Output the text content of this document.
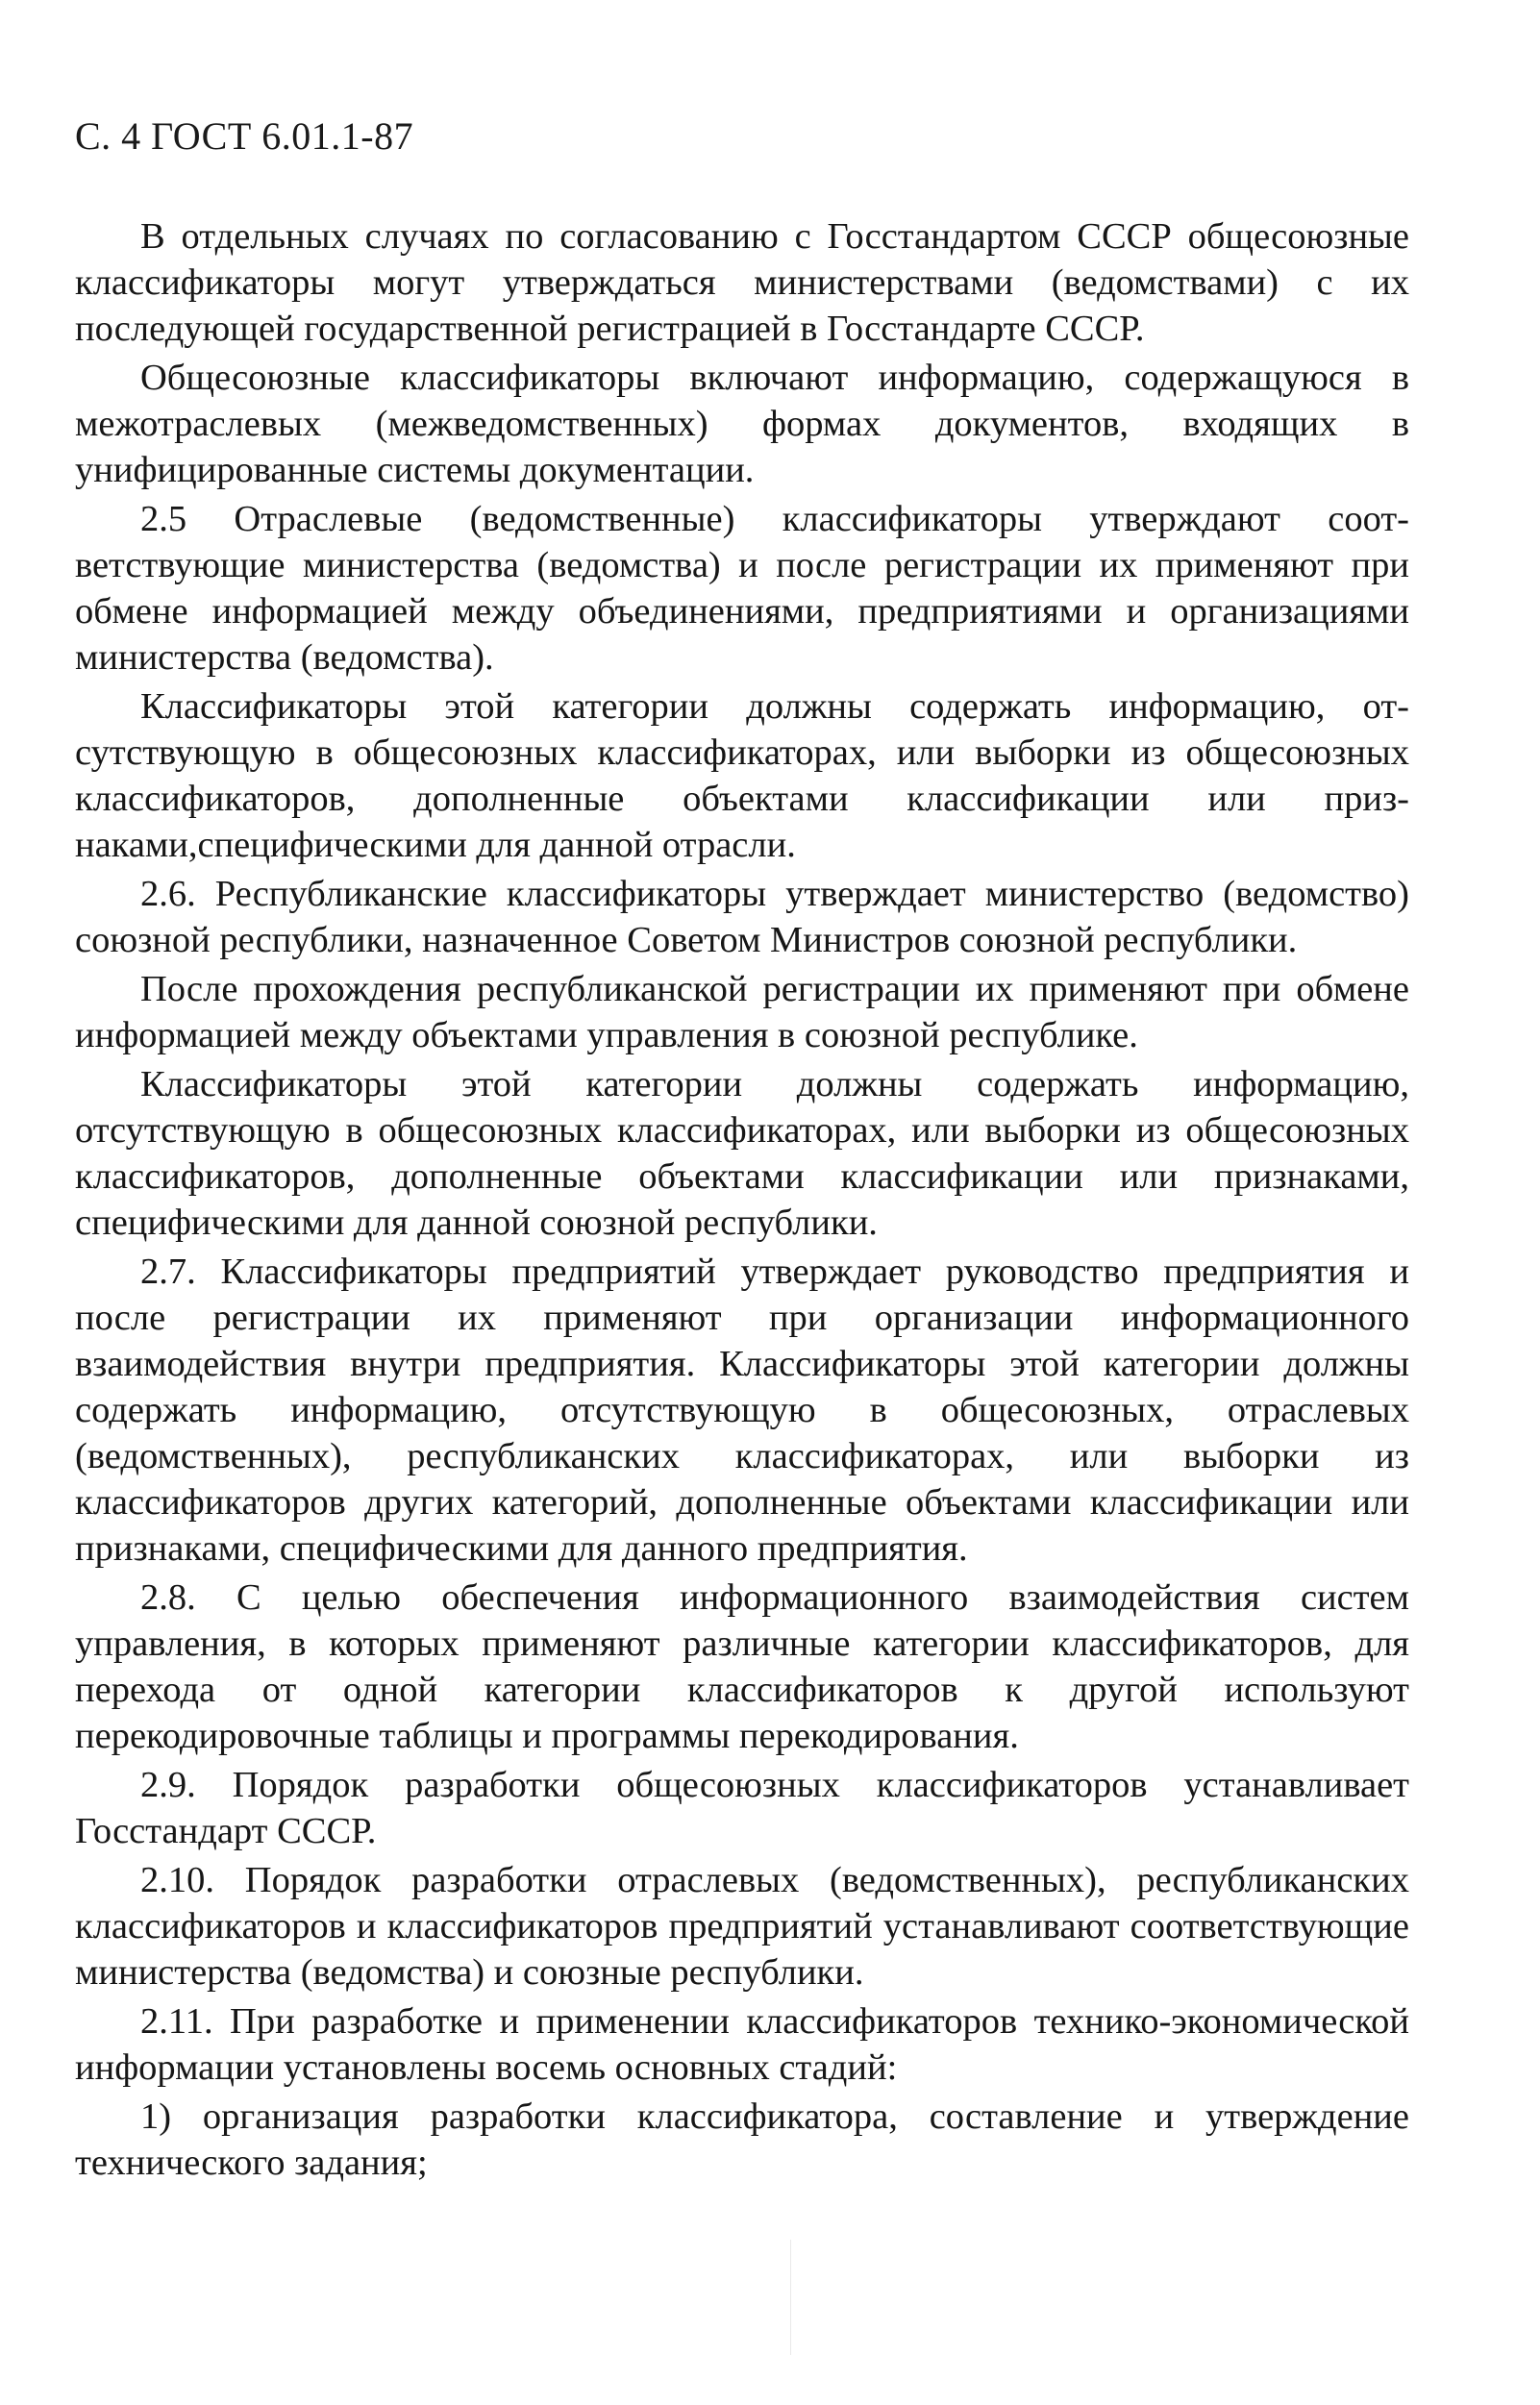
С. 4 ГОСТ 6.01.1-87

В отдельных случаях по согласованию с Госстандартом СССР общесоюзные классификаторы могут утверждаться министерствами (ведомствами) с их последующей государственной регистрацией в Госстандарте СССР.

Общесоюзные классификаторы включают информацию, содержащуюся в межотраслевых (межведомственных) формах документов, входящих в унифицированные системы документации.

2.5 Отраслевые (ведомственные) классификаторы утверждают соответствующие министерства (ведомства) и после регистрации их применяют при обмене информацией между объединениями, предприятиями и организациями министерства (ведомства).

Классификаторы этой категории должны содержать информацию, отсутствующую в общесоюзных классификаторах, или выборки из общесоюзных классификаторов, дополненные объектами классификации или признаками,специфическими для данной отрасли.

2.6. Республиканские классификаторы утверждает министерство (ведомство) союзной республики, назначенное Советом Министров союзной республики.

После прохождения республиканской регистрации их применяют при обмене информацией между объектами управления в союзной республике.

Классификаторы этой категории должны содержать информацию, отсутствующую в общесоюзных классификаторах, или выборки из общесоюзных классификаторов, дополненные объектами классификации или признаками, специфическими для данной союзной республики.

2.7. Классификаторы предприятий утверждает руководство предприятия и после регистрации их применяют при организации информационного взаимодействия внутри предприятия. Классификаторы этой категории должны содержать информацию, отсутствующую в общесоюзных, отраслевых (ведомственных), республиканских классификаторах, или выборки из классификаторов других категорий, дополненные объектами классификации или признаками, специфическими для данного предприятия.

2.8. С целью обеспечения информационного взаимодействия систем управления, в которых применяют различные категории классификаторов, для перехода от одной категории классификаторов к другой используют перекодировочные таблицы и программы перекодирования.

2.9. Порядок разработки общесоюзных классификаторов устанавливает Госстандарт СССР.

2.10. Порядок разработки отраслевых (ведомственных), республиканских классификаторов и классификаторов предприятий устанавливают соответствующие министерства (ведомства) и союзные республики.

2.11. При разработке и применении классификаторов технико-экономической информации установлены восемь основных стадий:

1) организация разработки классификатора, составление и утверждение технического задания;
